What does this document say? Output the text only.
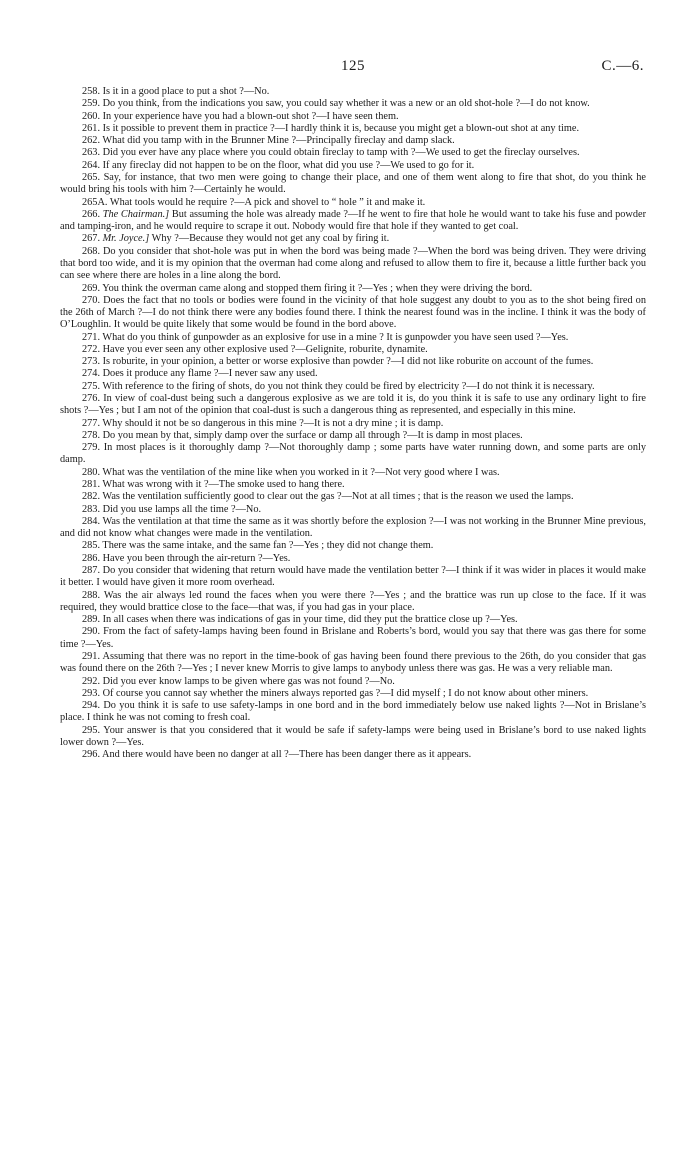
125	C.—6.

258. Is it in a good place to put a shot ?—No.

259. Do you think, from the indications you saw, you could say whether it was a new or an old shot-hole ?—I do not know.

260. In your experience have you had a blown-out shot ?—I have seen them.

261. Is it possible to prevent them in practice ?—I hardly think it is, because you might get a blown-out shot at any time.

262. What did you tamp with in the Brunner Mine ?—Principally fireclay and damp slack.

263. Did you ever have any place where you could obtain fireclay to tamp with ?—We used to get the fireclay ourselves.

264. If any fireclay did not happen to be on the floor, what did you use ?—We used to go for it.

265. Say, for instance, that two men were going to change their place, and one of them went along to fire that shot, do you think he would bring his tools with him ?—Certainly he would.

265A. What tools would he require ?—A pick and shovel to “ hole ” it and make it.

266. The Chairman.] But assuming the hole was already made ?—If he went to fire that hole he would want to take his fuse and powder and tamping-iron, and he would require to scrape it out. Nobody would fire that hole if they wanted to get coal.

267. Mr. Joyce.] Why ?—Because they would not get any coal by firing it.

268. Do you consider that shot-hole was put in when the bord was being made ?—When the bord was being driven. They were driving that bord too wide, and it is my opinion that the overman had come along and refused to allow them to fire it, because a little further back you can see where there are holes in a line along the bord.

269. You think the overman came along and stopped them firing it ?—Yes ; when they were driving the bord.

270. Does the fact that no tools or bodies were found in the vicinity of that hole suggest any doubt to you as to the shot being fired on the 26th of March ?—I do not think there were any bodies found there. I think the nearest found was in the incline. I think it was the body of O’Loughlin. It would be quite likely that some would be found in the bord above.

271. What do you think of gunpowder as an explosive for use in a mine ? It is gunpowder you have seen used ?—Yes.

272. Have you ever seen any other explosive used ?—Gelignite, roburite, dynamite.

273. Is roburite, in your opinion, a better or worse explosive than powder ?—I did not like roburite on account of the fumes.

274. Does it produce any flame ?—I never saw any used.

275. With reference to the firing of shots, do you not think they could be fired by electricity ?—I do not think it is necessary.

276. In view of coal-dust being such a dangerous explosive as we are told it is, do you think it is safe to use any ordinary light to fire shots ?—Yes ; but I am not of the opinion that coal-dust is such a dangerous thing as represented, and especially in this mine.

277. Why should it not be so dangerous in this mine ?—It is not a dry mine ; it is damp.

278. Do you mean by that, simply damp over the surface or damp all through ?—It is damp in most places.

279. In most places is it thoroughly damp ?—Not thoroughly damp ; some parts have water running down, and some parts are only damp.

280. What was the ventilation of the mine like when you worked in it ?—Not very good where I was.

281. What was wrong with it ?—The smoke used to hang there.

282. Was the ventilation sufficiently good to clear out the gas ?—Not at all times ; that is the reason we used the lamps.

283. Did you use lamps all the time ?—No.

284. Was the ventilation at that time the same as it was shortly before the explosion ?—I was not working in the Brunner Mine previous, and did not know what changes were made in the ventilation.

285. There was the same intake, and the same fan ?—Yes ; they did not change them.

286. Have you been through the air-return ?—Yes.

287. Do you consider that widening that return would have made the ventilation better ?—I think if it was wider in places it would make it better. I would have given it more room overhead.

288. Was the air always led round the faces when you were there ?—Yes ; and the brattice was run up close to the face. If it was required, they would brattice close to the face—that was, if you had gas in your place.

289. In all cases when there was indications of gas in your time, did they put the brattice close up ?—Yes.

290. From the fact of safety-lamps having been found in Brislane and Roberts’s bord, would you say that there was gas there for some time ?—Yes.

291. Assuming that there was no report in the time-book of gas having been found there previous to the 26th, do you consider that gas was found there on the 26th ?—Yes ; I never knew Morris to give lamps to anybody unless there was gas. He was a very reliable man.

292. Did you ever know lamps to be given where gas was not found ?—No.

293. Of course you cannot say whether the miners always reported gas ?—I did myself ; I do not know about other miners.

294. Do you think it is safe to use safety-lamps in one bord and in the bord immediately below use naked lights ?—Not in Brislane’s place. I think he was not coming to fresh coal.

295. Your answer is that you considered that it would be safe if safety-lamps were being used in Brislane’s bord to use naked lights lower down ?—Yes.

296. And there would have been no danger at all ?—There has been danger there as it appears.
